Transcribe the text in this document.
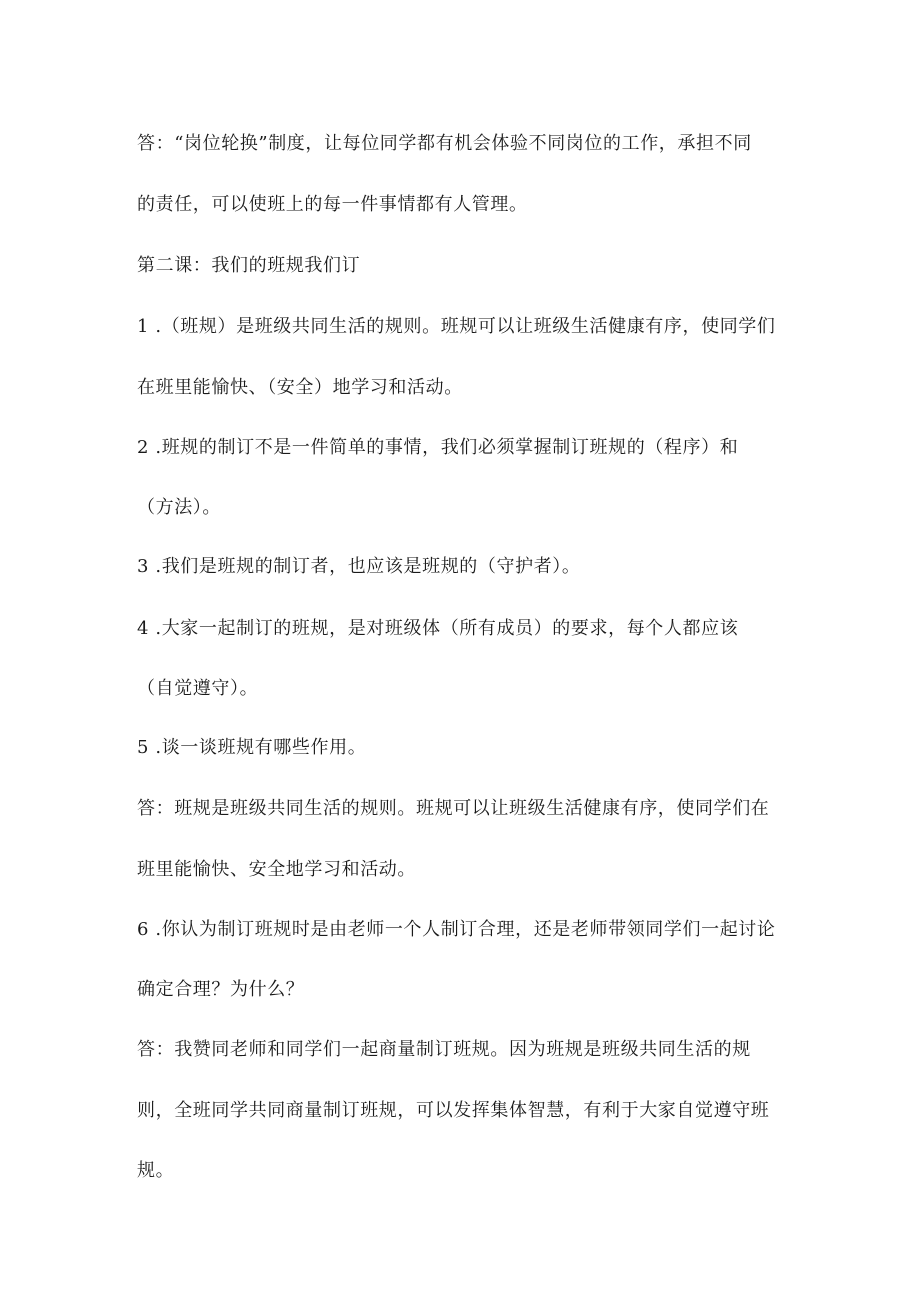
答：“岗位轮换”制度，让每位同学都有机会体验不同岗位的工作，承担不同
的责任，可以使班上的每一件事情都有人管理。
第二课：我们的班规我们订
1 .（班规）是班级共同生活的规则。班规可以让班级生活健康有序，使同学们
在班里能愉快、（安全）地学习和活动。
2 .班规的制订不是一件简单的事情，我们必须掌握制订班规的（程序）和
（方法）。
3 .我们是班规的制订者，也应该是班规的（守护者）。
4 .大家一起制订的班规，是对班级体（所有成员）的要求，每个人都应该
（自觉遵守）。
5 .谈一谈班规有哪些作用。
答：班规是班级共同生活的规则。班规可以让班级生活健康有序，使同学们在
班里能愉快、安全地学习和活动。
6 .你认为制订班规时是由老师一个人制订合理，还是老师带领同学们一起讨论
确定合理？为什么？
答：我赞同老师和同学们一起商量制订班规。因为班规是班级共同生活的规
则，全班同学共同商量制订班规，可以发挥集体智慧，有利于大家自觉遵守班
规。
